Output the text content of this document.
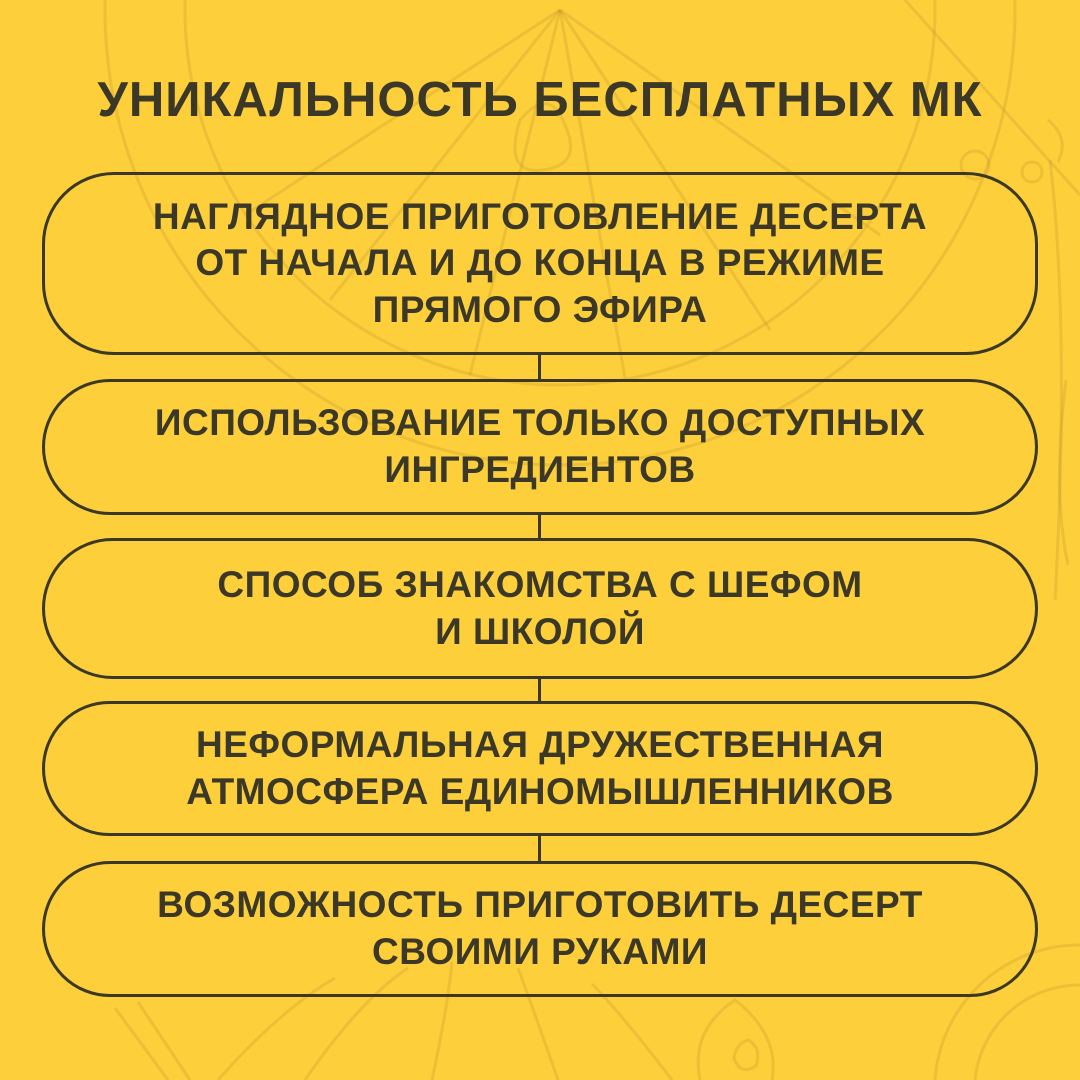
УНИКАЛЬНОСТЬ БЕСПЛАТНЫХ МК
НАГЛЯДНОЕ ПРИГОТОВЛЕНИЕ ДЕСЕРТА
ОТ НАЧАЛА И ДО КОНЦА В РЕЖИМЕ
ПРЯМОГО ЭФИРА
ИСПОЛЬЗОВАНИЕ ТОЛЬКО ДОСТУПНЫХ
ИНГРЕДИЕНТОВ
СПОСОБ ЗНАКОМСТВА С ШЕФОМ
И ШКОЛОЙ
НЕФОРМАЛЬНАЯ ДРУЖЕСТВЕННАЯ
АТМОСФЕРА ЕДИНОМЫШЛЕННИКОВ
ВОЗМОЖНОСТЬ ПРИГОТОВИТЬ ДЕСЕРТ
СВОИМИ РУКАМИ
